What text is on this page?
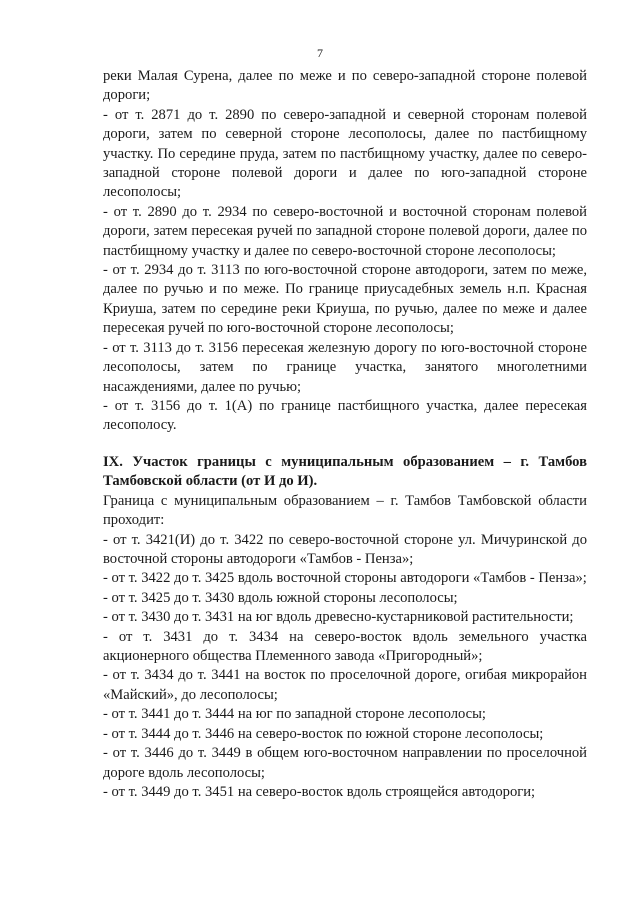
7

реки Малая Сурена, далее по меже и по северо-западной стороне полевой дороги;

- от т. 2871 до т. 2890 по северо-западной и северной сторонам полевой дороги, затем по северной стороне лесополосы, далее по пастбищному участку. По середине пруда, затем по пастбищному участку, далее по северо-западной стороне полевой дороги и далее по юго-западной стороне лесополосы;

- от т. 2890 до т. 2934 по северо-восточной и восточной сторонам полевой дороги, затем пересекая ручей по западной стороне полевой дороги, далее по пастбищному участку и далее по северо-восточной стороне лесополосы;

- от т. 2934 до т. 3113 по юго-восточной стороне автодороги, затем по меже, далее по ручью и по меже. По границе приусадебных земель н.п. Красная Криуша, затем по середине реки Криуша, по ручью, далее по меже и далее пересекая ручей по юго-восточной стороне лесополосы;

- от т. 3113 до т. 3156 пересекая железную дорогу по юго-восточной стороне лесополосы, затем по границе участка, занятого многолетними насаждениями, далее по ручью;

- от т. 3156 до т. 1(А) по границе пастбищного участка, далее пересекая лесополосу.

IX. Участок границы с муниципальным образованием – г. Тамбов Тамбовской области (от И до И).

Граница с муниципальным образованием – г. Тамбов Тамбовской области проходит:

- от т. 3421(И) до т. 3422 по северо-восточной стороне ул. Мичуринской до восточной стороны автодороги «Тамбов - Пенза»;

- от т. 3422 до т. 3425 вдоль восточной стороны автодороги «Тамбов - Пенза»;

- от т. 3425 до т. 3430 вдоль южной стороны лесополосы;

- от т. 3430 до т. 3431 на юг вдоль древесно-кустарниковой растительности;

- от т. 3431 до т. 3434 на северо-восток вдоль земельного участка акционерного общества Племенного завода «Пригородный»;

- от т. 3434 до т. 3441 на восток по проселочной дороге, огибая микрорайон «Майский», до лесополосы;

- от т. 3441 до т. 3444 на юг по западной стороне лесополосы;

- от т. 3444 до т. 3446 на северо-восток по южной стороне лесополосы;

- от т. 3446 до т. 3449 в общем юго-восточном направлении по проселочной дороге вдоль лесополосы;

- от т. 3449 до т. 3451 на северо-восток вдоль строящейся автодороги;
